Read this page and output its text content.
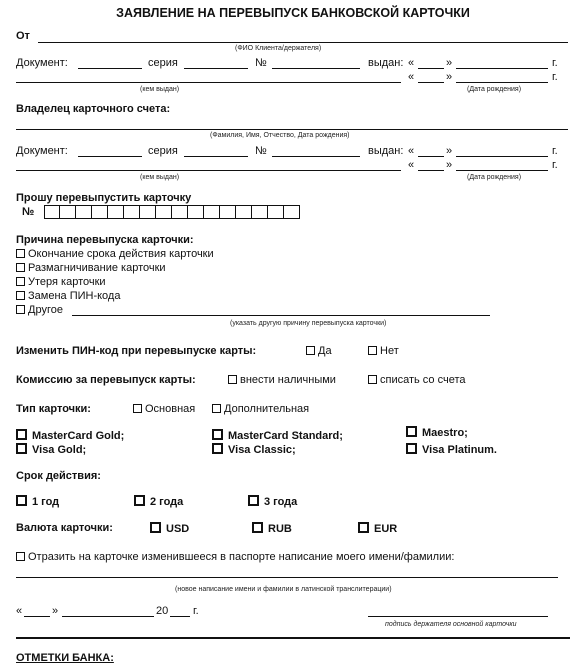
ЗАЯВЛЕНИЕ НА ПЕРЕВЫПУСК БАНКОВСКОЙ КАРТОЧКИ
От
(ФИО Клиента/держателя)
Документ:	серия	№	выдан: «	»	г.
«	»	г.
(кем выдан)	(Дата рождения)
Владелец карточного счета:
(Фамилия, Имя, Отчество, Дата рождения)
Документ:	серия	№	выдан: «	»	г.
«	»	г.
(кем выдан)	(Дата рождения)
Прошу перевыпустить карточку
№
Причина перевыпуска карточки:
Окончание срока действия карточки
Размагничивание карточки
Утеря карточки
Замена ПИН-кода
Другое
(указать другую причину перевыпуска карточки)
Изменить ПИН-код при перевыпуске карты:	Да	Нет
Комиссию за перевыпуск карты:	внести наличными	списать со счета
Тип карточки:	Основная	Дополнительная
MasterCard Gold;	MasterCard Standard;	Maestro;
Visa Gold;	Visa Classic;	Visa Platinum.
Срок действия:
1 год	2 года	3 года
Валюта карточки:	USD	RUB	EUR
Отразить на карточке изменившееся в паспорте написание моего имени/фамилии:
(новое написание имени и фамилии в латинской транслитерации)
«	»	20 г.
подпись держателя основной карточки
ОТМЕТКИ БАНКА:
